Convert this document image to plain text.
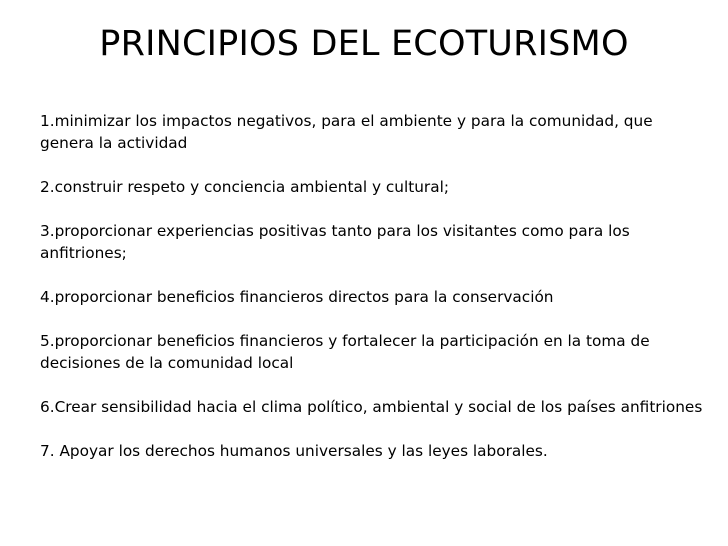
PRINCIPIOS DEL ECOTURISMO

1.minimizar los impactos negativos, para el ambiente y para la comunidad, que genera la actividad

2.construir respeto y conciencia ambiental y cultural;

3.proporcionar experiencias positivas tanto para los visitantes como para los anfitriones;

4.proporcionar beneficios financieros directos para la conservación

5.proporcionar beneficios financieros y fortalecer la participación en la toma de decisiones de la comunidad local

6.Crear sensibilidad hacia el clima político, ambiental y social de los países anfitriones

7. Apoyar los derechos humanos universales y las leyes laborales.
